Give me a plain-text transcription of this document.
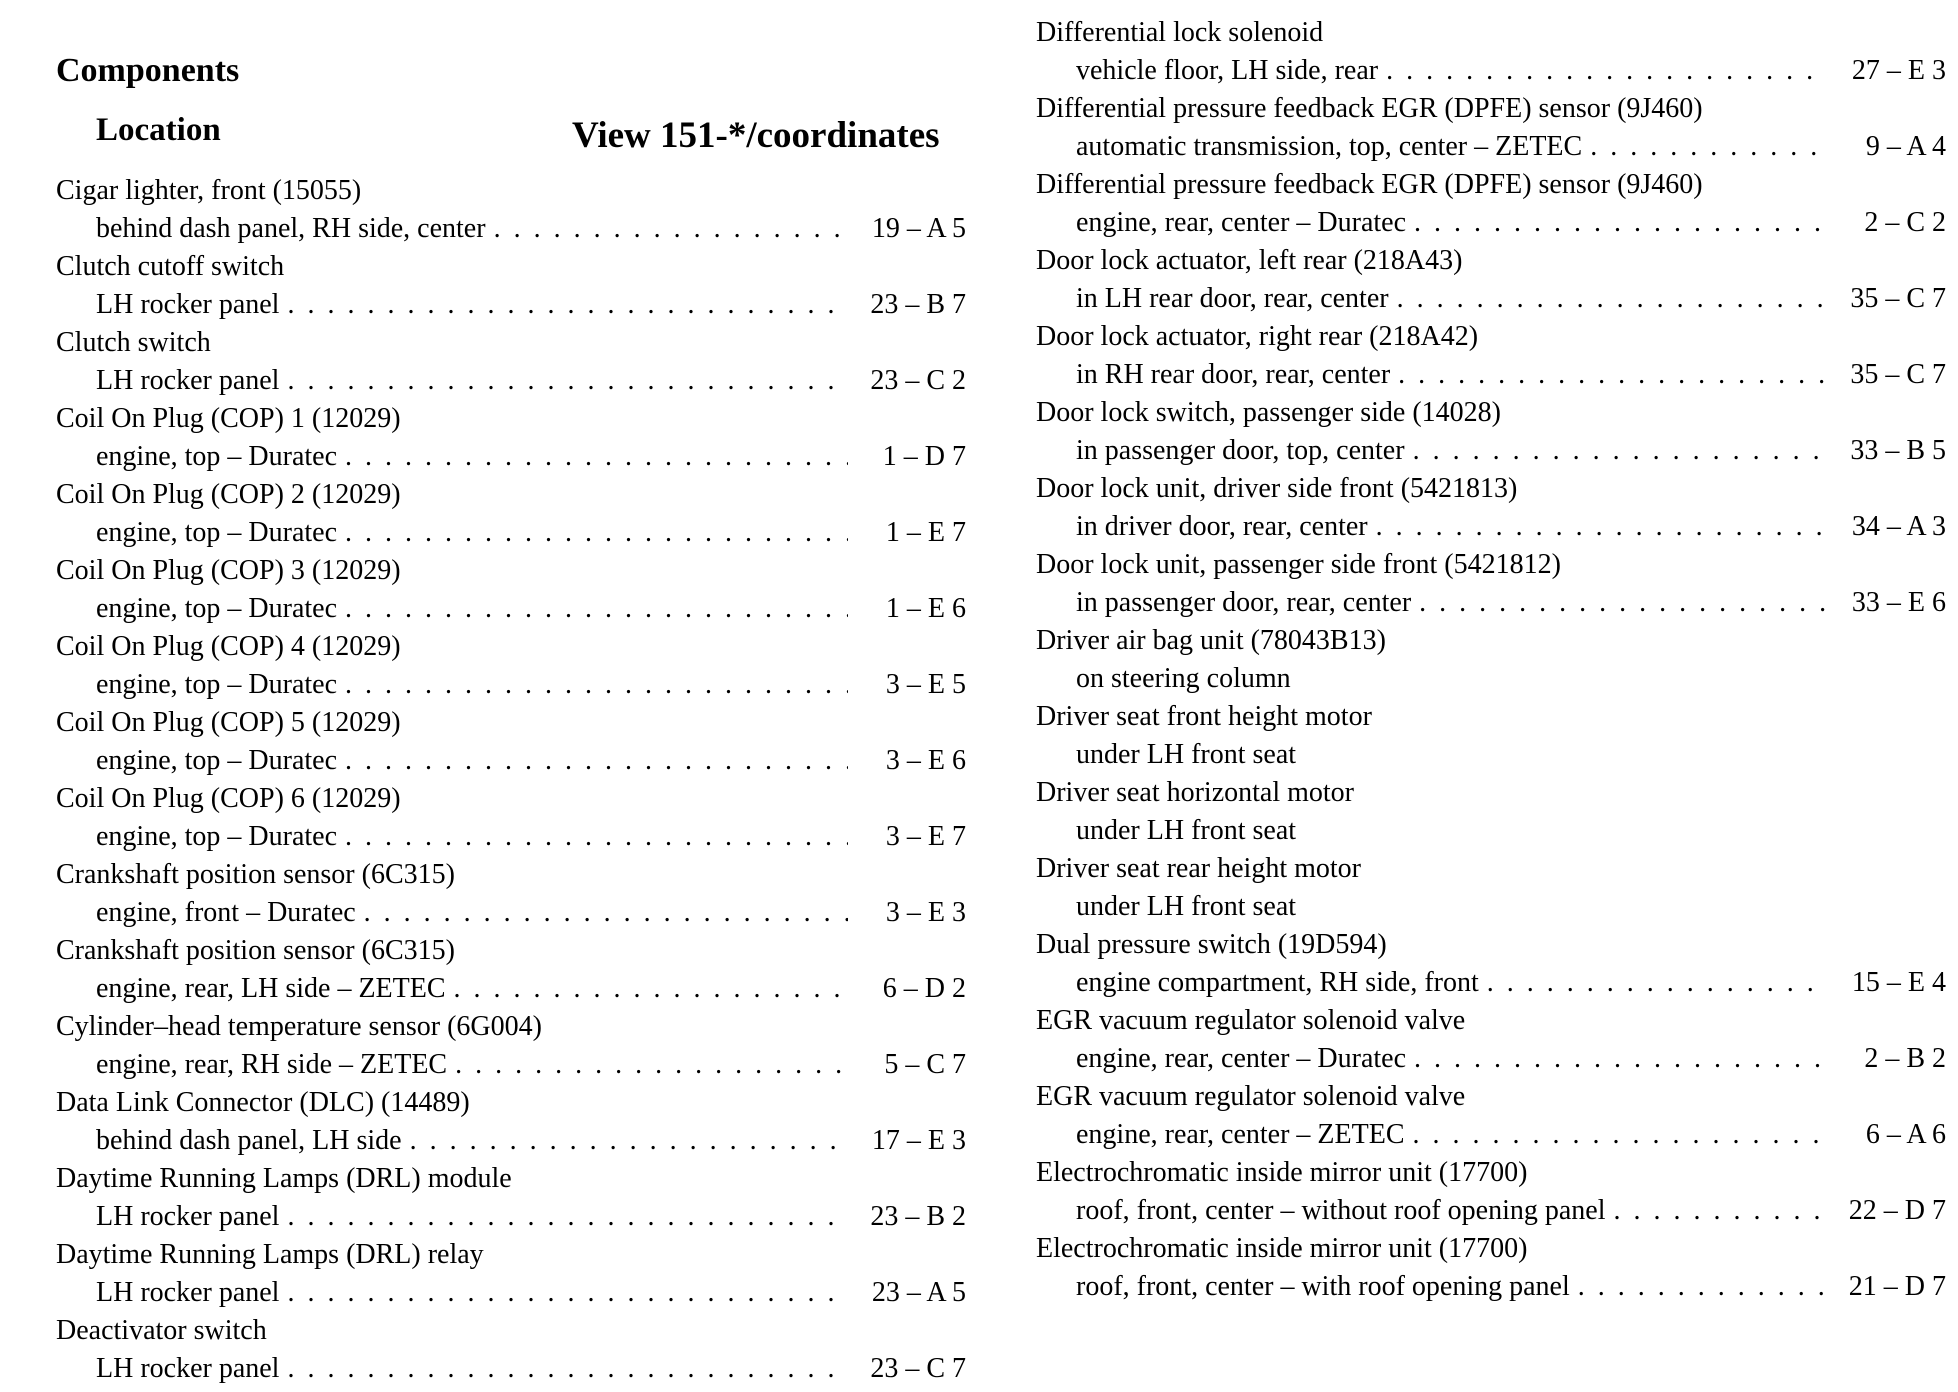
Components
Location	View 151-*/coordinates
Cigar lighter, front (15055)
behind dash panel, RH side, center . . .	19 – A 5
Clutch cutoff switch
LH rocker panel . . .	23 – B 7
Clutch switch
LH rocker panel . . .	23 – C 2
Coil On Plug (COP) 1 (12029)
engine, top – Duratec . . .	1 – D 7
Coil On Plug (COP) 2 (12029)
engine, top – Duratec . . .	1 – E 7
Coil On Plug (COP) 3 (12029)
engine, top – Duratec . . .	1 – E 6
Coil On Plug (COP) 4 (12029)
engine, top – Duratec . . .	3 – E 5
Coil On Plug (COP) 5 (12029)
engine, top – Duratec . . .	3 – E 6
Coil On Plug (COP) 6 (12029)
engine, top – Duratec . . .	3 – E 7
Crankshaft position sensor (6C315)
engine, front – Duratec . . .	3 – E 3
Crankshaft position sensor (6C315)
engine, rear, LH side – ZETEC . . .	6 – D 2
Cylinder–head temperature sensor (6G004)
engine, rear, RH side – ZETEC . . .	5 – C 7
Data Link Connector (DLC) (14489)
behind dash panel, LH side . . .	17 – E 3
Daytime Running Lamps (DRL) module
LH rocker panel . . .	23 – B 2
Daytime Running Lamps (DRL) relay
LH rocker panel . . .	23 – A 5
Deactivator switch
LH rocker panel . . .	23 – C 7
Differential lock solenoid
vehicle floor, LH side, rear . . .	27 – E 3
Differential pressure feedback EGR (DPFE) sensor (9J460)
automatic transmission, top, center – ZETEC . . .	9 – A 4
Differential pressure feedback EGR (DPFE) sensor (9J460)
engine, rear, center – Duratec . . .	2 – C 2
Door lock actuator, left rear (218A43)
in LH rear door, rear, center . . .	35 – C 7
Door lock actuator, right rear (218A42)
in RH rear door, rear, center . . .	35 – C 7
Door lock switch, passenger side (14028)
in passenger door, top, center . . .	33 – B 5
Door lock unit, driver side front (5421813)
in driver door, rear, center . . .	34 – A 3
Door lock unit, passenger side front (5421812)
in passenger door, rear, center . . .	33 – E 6
Driver air bag unit (78043B13)
on steering column
Driver seat front height motor
under LH front seat
Driver seat horizontal motor
under LH front seat
Driver seat rear height motor
under LH front seat
Dual pressure switch (19D594)
engine compartment, RH side, front . . .	15 – E 4
EGR vacuum regulator solenoid valve
engine, rear, center – Duratec . . .	2 – B 2
EGR vacuum regulator solenoid valve
engine, rear, center – ZETEC . . .	6 – A 6
Electrochromatic inside mirror unit (17700)
roof, front, center – without roof opening panel . . .	22 – D 7
Electrochromatic inside mirror unit (17700)
roof, front, center – with roof opening panel . . .	21 – D 7
